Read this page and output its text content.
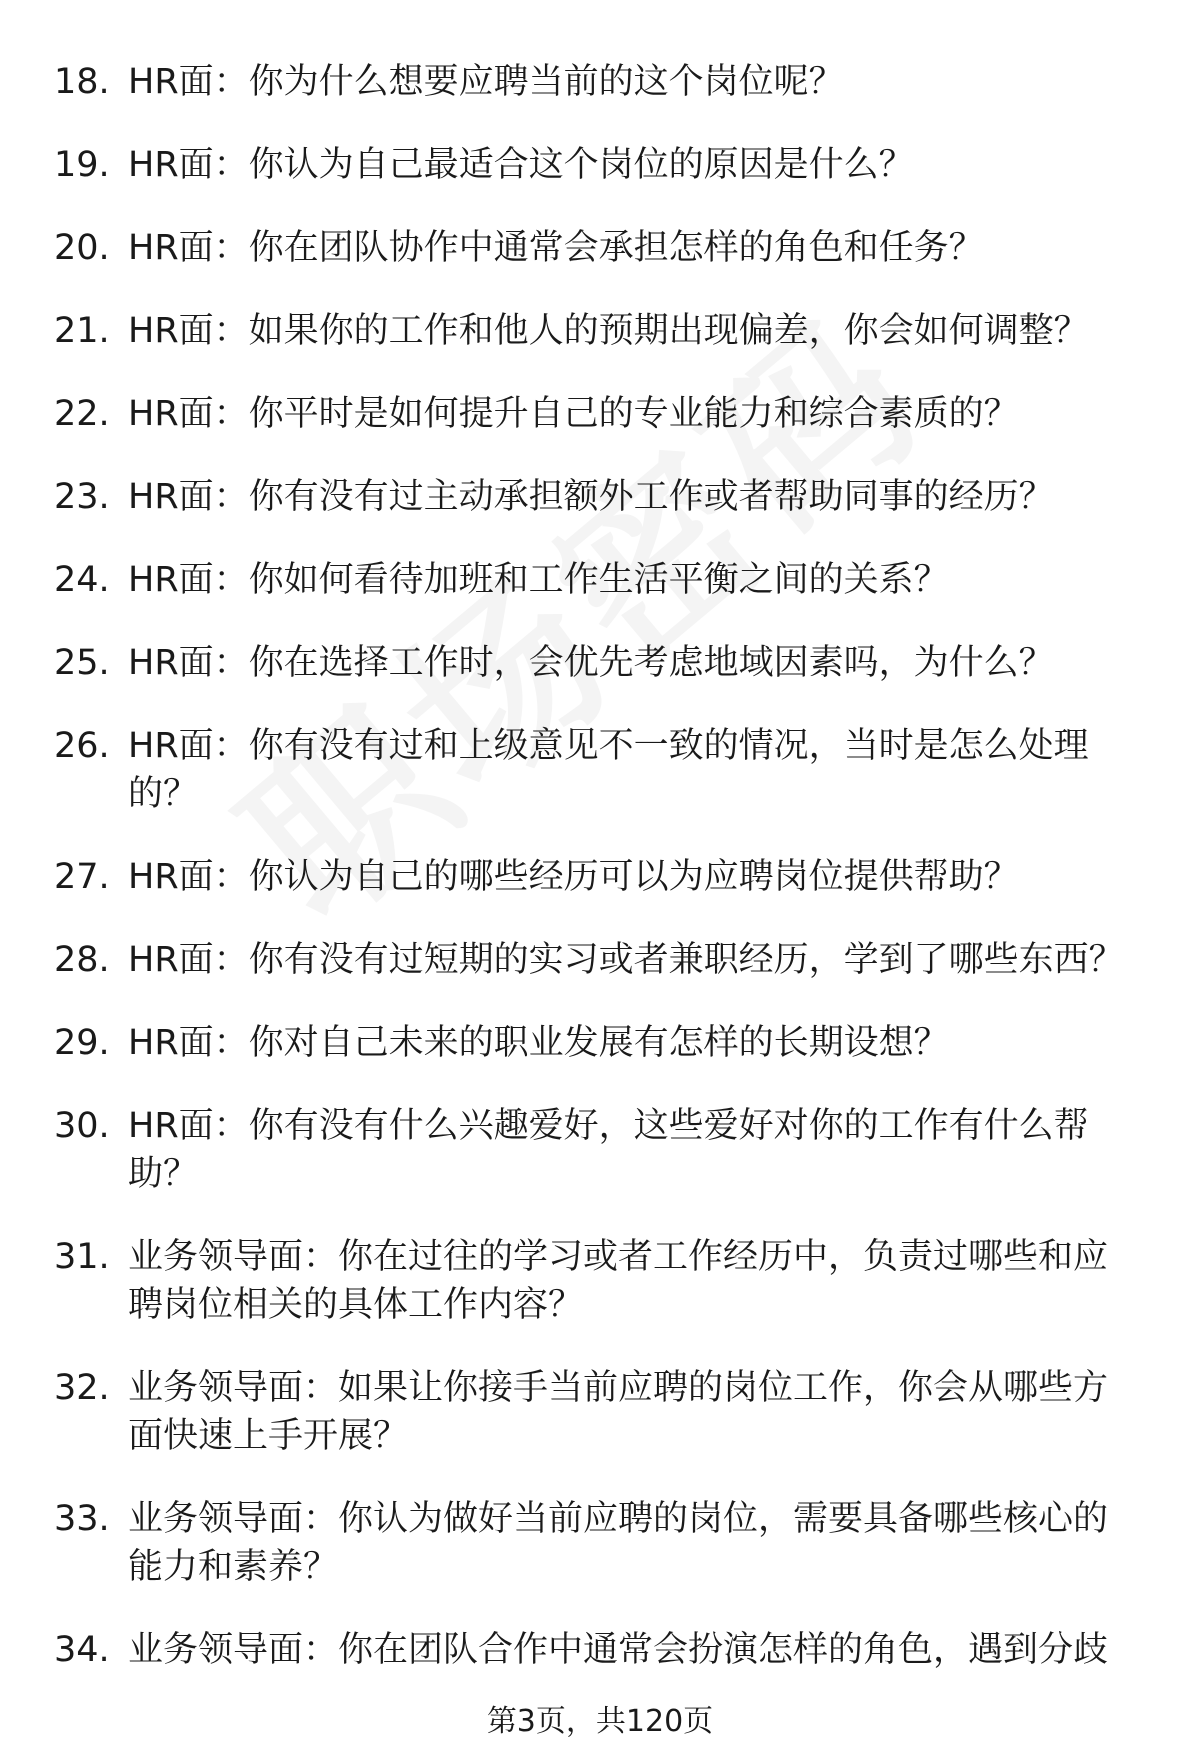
18. HR面：你为什么想要应聘当前的这个岗位呢？
19. HR面：你认为自己最适合这个岗位的原因是什么？
20. HR面：你在团队协作中通常会承担怎样的角色和任务？
21. HR面：如果你的工作和他人的预期出现偏差，你会如何调整？
22. HR面：你平时是如何提升自己的专业能力和综合素质的？
23. HR面：你有没有过主动承担额外工作或者帮助同事的经历？
24. HR面：你如何看待加班和工作生活平衡之间的关系？
25. HR面：你在选择工作时，会优先考虑地域因素吗，为什么？
26. HR面：你有没有过和上级意见不一致的情况，当时是怎么处理的？
27. HR面：你认为自己的哪些经历可以为应聘岗位提供帮助？
28. HR面：你有没有过短期的实习或者兼职经历，学到了哪些东西？
29. HR面：你对自己未来的职业发展有怎样的长期设想？
30. HR面：你有没有什么兴趣爱好，这些爱好对你的工作有什么帮助？
31. 业务领导面：你在过往的学习或者工作经历中，负责过哪些和应聘岗位相关的具体工作内容？
32. 业务领导面：如果让你接手当前应聘的岗位工作，你会从哪些方面快速上手开展？
33. 业务领导面：你认为做好当前应聘的岗位，需要具备哪些核心的能力和素养？
34. 业务领导面：你在团队合作中通常会扮演怎样的角色，遇到分歧
第3页，共120页
